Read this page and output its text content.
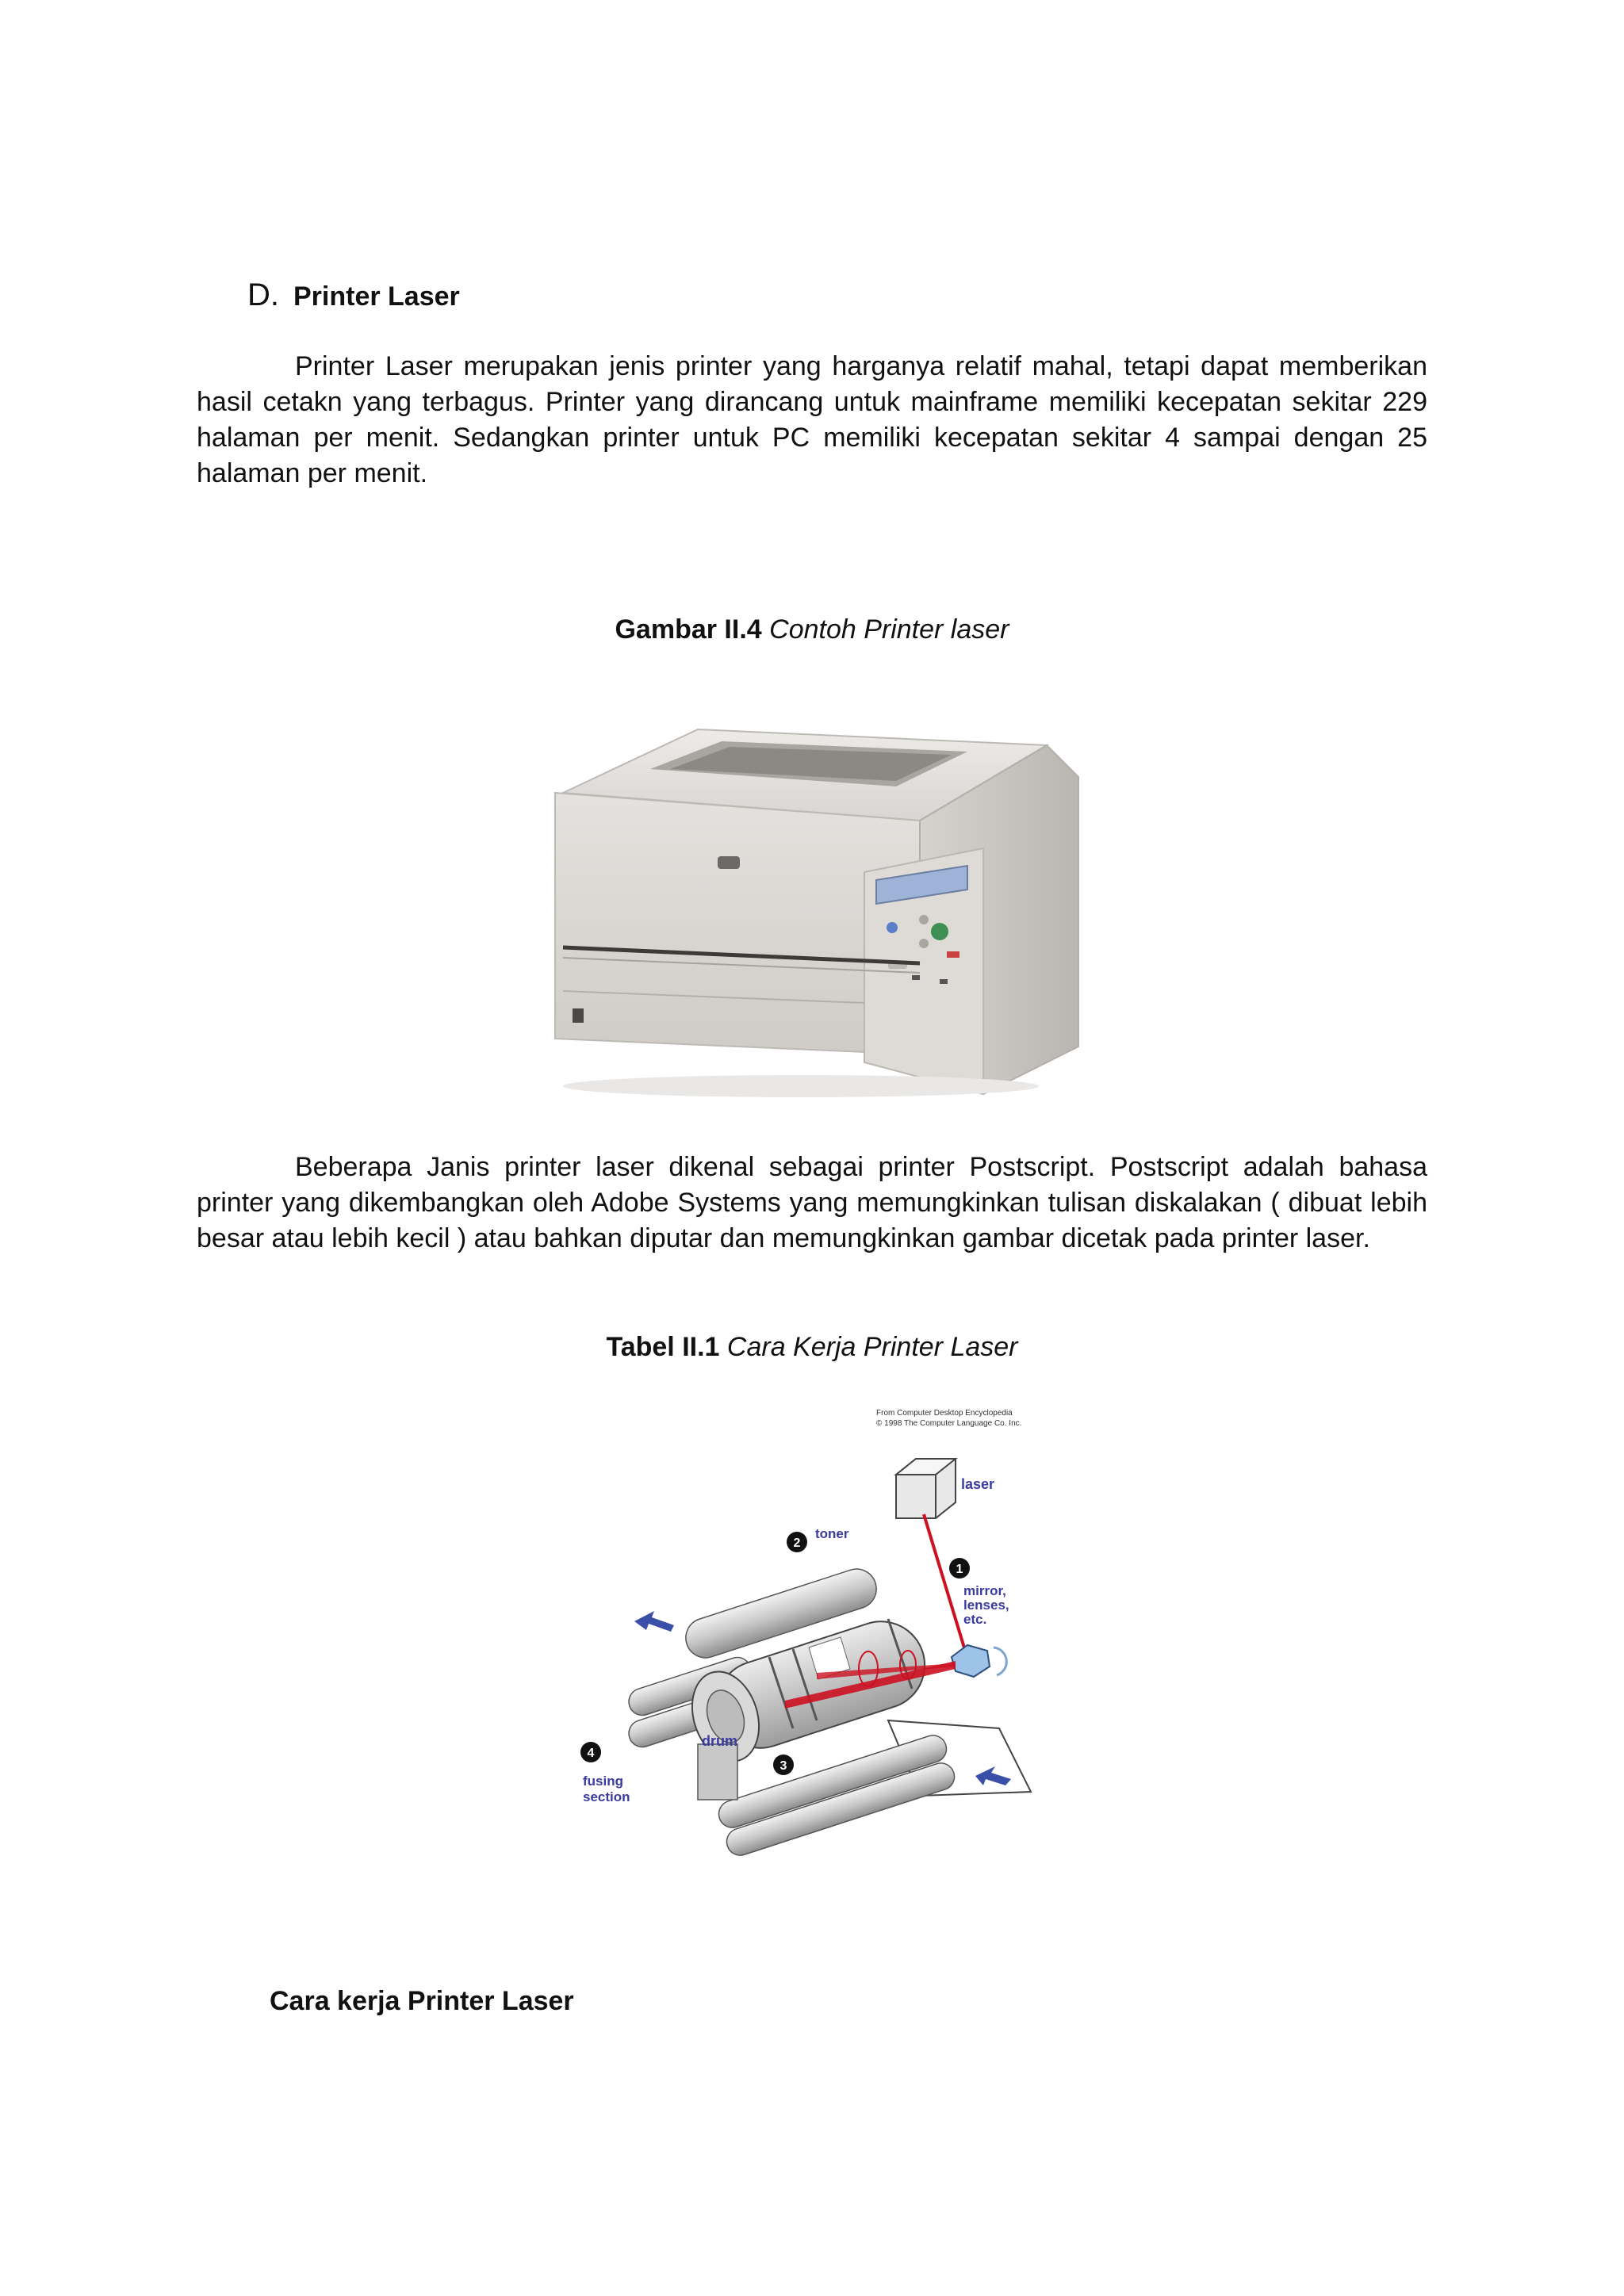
D. Printer Laser

Printer Laser merupakan jenis printer yang harganya relatif mahal, tetapi dapat memberikan hasil cetakn yang terbagus. Printer yang dirancang untuk mainframe memiliki kecepatan sekitar 229 halaman per menit. Sedangkan printer untuk PC memiliki kecepatan sekitar 4 sampai dengan 25 halaman per menit.

Gambar II.4 Contoh Printer laser

Beberapa Janis printer laser dikenal sebagai printer Postscript. Postscript adalah bahasa printer yang dikembangkan oleh Adobe Systems yang memungkinkan tulisan diskalakan ( dibuat lebih besar atau lebih kecil ) atau bahkan diputar dan memungkinkan gambar dicetak pada printer laser.

Tabel II.1 Cara Kerja Printer Laser
From Computer Desktop Encyclopedia
© 1998 The Computer Language Co. Inc.
laser
1
mirror,
lenses,
etc.
2
toner
drum
3
4
fusing
section
Cara kerja Printer Laser
